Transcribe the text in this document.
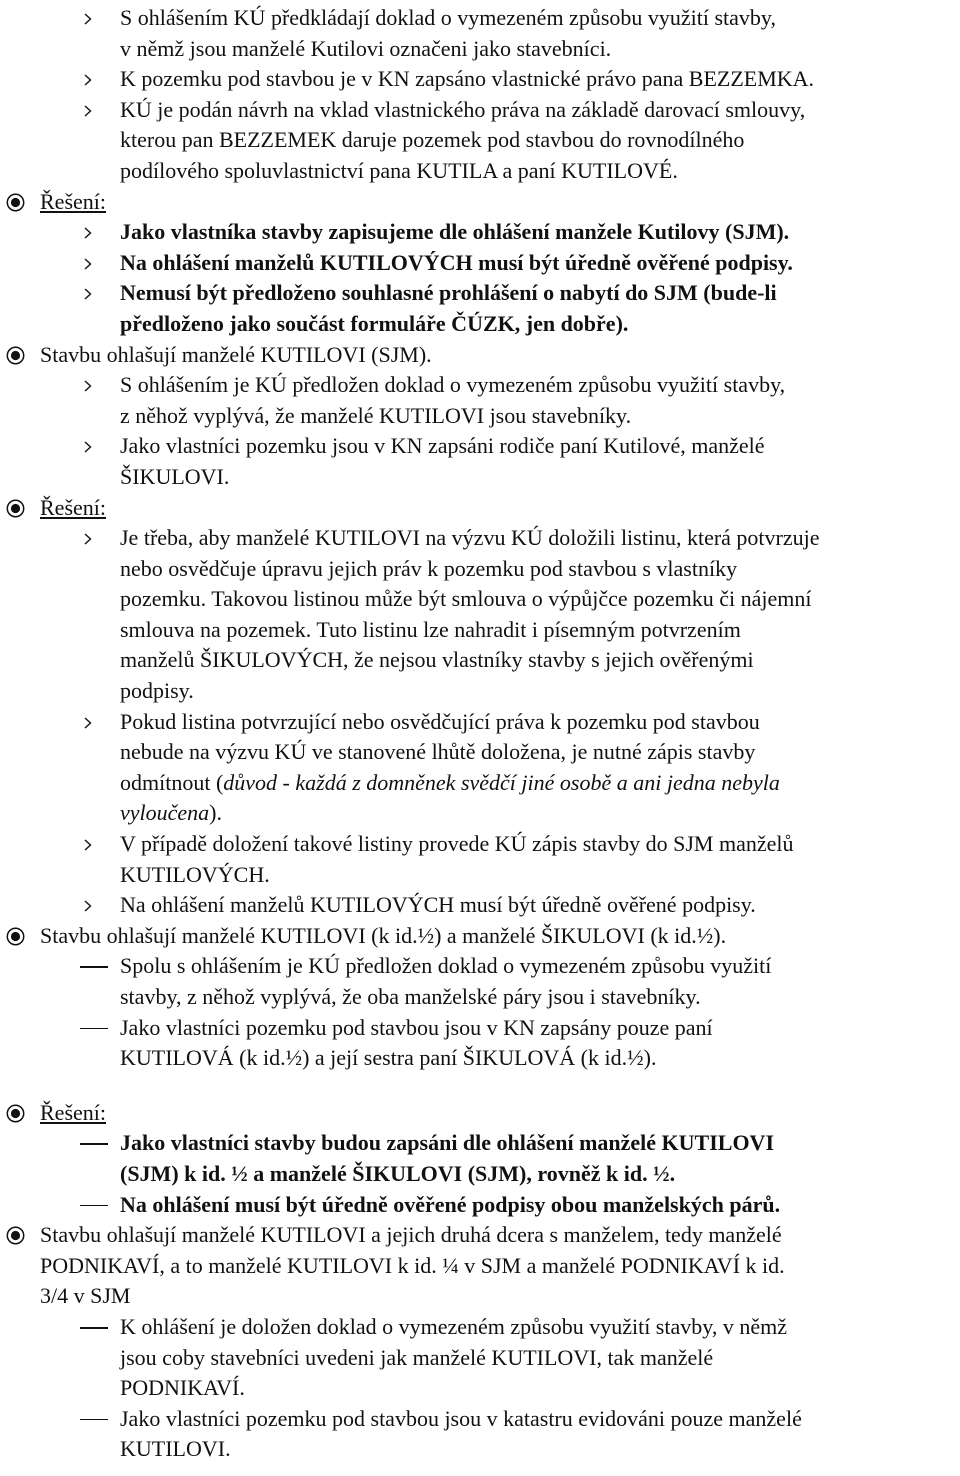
S ohlášením KÚ předkládají doklad o vymezeném způsobu využití stavby,
v němž jsou manželé Kutilovi označeni jako stavebníci.
K pozemku pod stavbou je v KN zapsáno vlastnické právo pana BEZZEMKA.
KÚ je podán návrh na vklad vlastnického práva na základě darovací smlouvy,
kterou pan BEZZEMEK daruje pozemek pod stavbou do rovnodílného
podílového spoluvlastnictví pana KUTILA a paní KUTILOVÉ.
Řešení:
Jako vlastníka stavby zapisujeme dle ohlášení manžele Kutilovy (SJM).
Na ohlášení manželů KUTILOVÝCH musí být úředně ověřené podpisy.
Nemusí být předloženo souhlasné prohlášení o nabytí do SJM (bude-li
předloženo jako součást formuláře ČÚZK, jen dobře).
Stavbu ohlašují manželé KUTILOVI (SJM).
S ohlášením je KÚ předložen doklad o vymezeném způsobu využití stavby,
z něhož vyplývá, že manželé KUTILOVI jsou stavebníky.
Jako vlastníci pozemku jsou v KN zapsáni rodiče paní Kutilové, manželé
ŠIKULOVI.
Řešení:
Je třeba, aby manželé KUTILOVI na výzvu KÚ doložili listinu, která potvrzuje
nebo osvědčuje úpravu jejich práv k pozemku pod stavbou s vlastníky
pozemku. Takovou listinou může být smlouva o výpůjčce pozemku či nájemní
smlouva na pozemek. Tuto listinu lze nahradit i písemným potvrzením
manželů ŠIKULOVÝCH, že nejsou vlastníky stavby s jejich ověřenými
podpisy.
Pokud listina potvrzující nebo osvědčující práva k pozemku pod stavbou
nebude na výzvu KÚ ve stanovené lhůtě doložena, je nutné zápis stavby
odmítnout (důvod - každá z domněnek svědčí jiné osobě a ani jedna nebyla
vyloučena).
V případě doložení takové listiny provede KÚ zápis stavby do SJM manželů
KUTILOVÝCH.
Na ohlášení manželů KUTILOVÝCH musí být úředně ověřené podpisy.
Stavbu ohlašují manželé KUTILOVI (k id.½) a manželé ŠIKULOVI (k id.½).
Spolu s ohlášením je KÚ předložen doklad o vymezeném způsobu využití
stavby, z něhož vyplývá, že oba manželské páry jsou i stavebníky.
Jako vlastníci pozemku pod stavbou jsou v KN zapsány pouze paní
KUTILOVÁ (k id.½) a její sestra paní ŠIKULOVÁ (k id.½).
Řešení:
Jako vlastníci stavby budou zapsáni dle ohlášení manželé KUTILOVI
(SJM) k id. ½ a manželé ŠIKULOVI (SJM), rovněž k id. ½.
Na ohlášení musí být úředně ověřené podpisy obou manželských párů.
Stavbu ohlašují manželé KUTILOVI a jejich druhá dcera s manželem, tedy manželé
PODNIKAVÍ, a to manželé KUTILOVI k id. ¼ v SJM a manželé PODNIKAVÍ k id.
3/4 v SJM
K ohlášení je doložen doklad o vymezeném způsobu využití stavby, v němž
jsou coby stavebníci uvedeni jak manželé KUTILOVI, tak manželé
PODNIKAVÍ.
Jako vlastníci pozemku pod stavbou jsou v katastru evidováni pouze manželé
KUTILOVI.
